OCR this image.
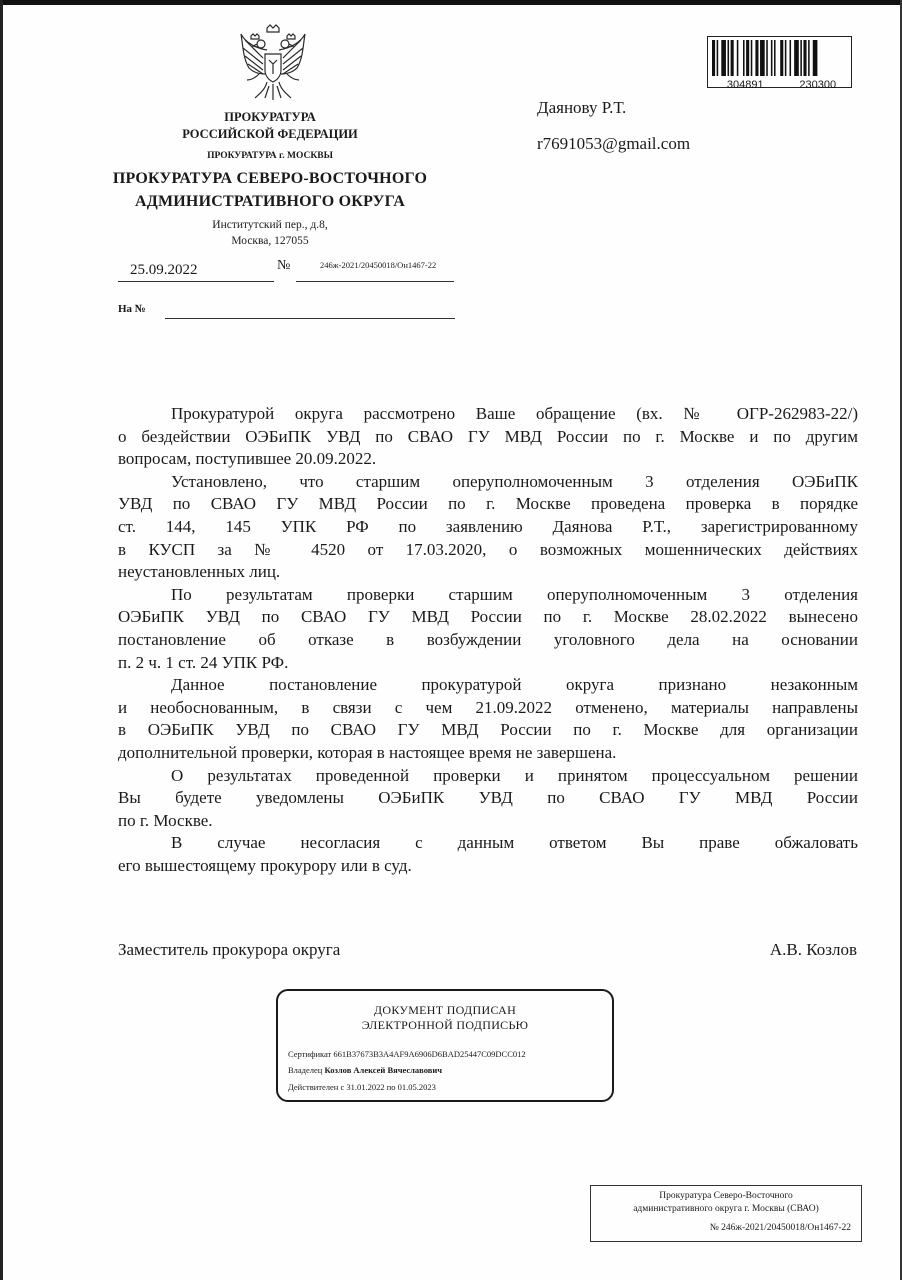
ПРОКУРАТУРА
РОССИЙСКОЙ ФЕДЕРАЦИИ
ПРОКУРАТУРА г. МОСКВЫ
ПРОКУРАТУРА СЕВЕРО-ВОСТОЧНОГО
АДМИНИСТРАТИВНОГО ОКРУГА
Институтский пер., д.8,
Москва, 127055
25.09.2022	№	246ж-2021/20450018/Он1467-22
На №
304891	230300
Даянову Р.Т.
r7691053@gmail.com
Прокуратурой округа рассмотрено Ваше обращение (вх. № ОГР-262983-22/)
о бездействии ОЭБиПК УВД по СВАО ГУ МВД России по г. Москве и по другим
вопросам, поступившее 20.09.2022.
Установлено, что старшим оперуполномоченным 3 отделения ОЭБиПК
УВД по СВАО ГУ МВД России по г. Москве проведена проверка в порядке
ст. 144, 145 УПК РФ по заявлению Даянова Р.Т., зарегистрированному
в КУСП за № 4520 от 17.03.2020, о возможных мошеннических действиях
неустановленных лиц.
По результатам проверки старшим оперуполномоченным 3 отделения
ОЭБиПК УВД по СВАО ГУ МВД России по г. Москве 28.02.2022 вынесено
постановление об отказе в возбуждении уголовного дела на основании
п. 2 ч. 1 ст. 24 УПК РФ.
Данное постановление прокуратурой округа признано незаконным
и необоснованным, в связи с чем 21.09.2022 отменено, материалы направлены
в ОЭБиПК УВД по СВАО ГУ МВД России по г. Москве для организации
дополнительной проверки, которая в настоящее время не завершена.
О результатах проведенной проверки и принятом процессуальном решении
Вы будете уведомлены ОЭБиПК УВД по СВАО ГУ МВД России
по г. Москве.
В случае несогласия с данным ответом Вы праве обжаловать
его вышестоящему прокурору или в суд.
Заместитель прокурора округа	А.В. Козлов
ДОКУМЕНТ ПОДПИСАН
ЭЛЕКТРОННОЙ ПОДПИСЬЮ
Сертификат 661B37673B3A4AF9A6906D6BAD25447C09DCC012
Владелец Козлов Алексей Вячеславович
Действителен с 31.01.2022 по 01.05.2023
Прокуратура Северо-Восточного
административного округа г. Москвы (СВАО)
№ 246ж-2021/20450018/Он1467-22
